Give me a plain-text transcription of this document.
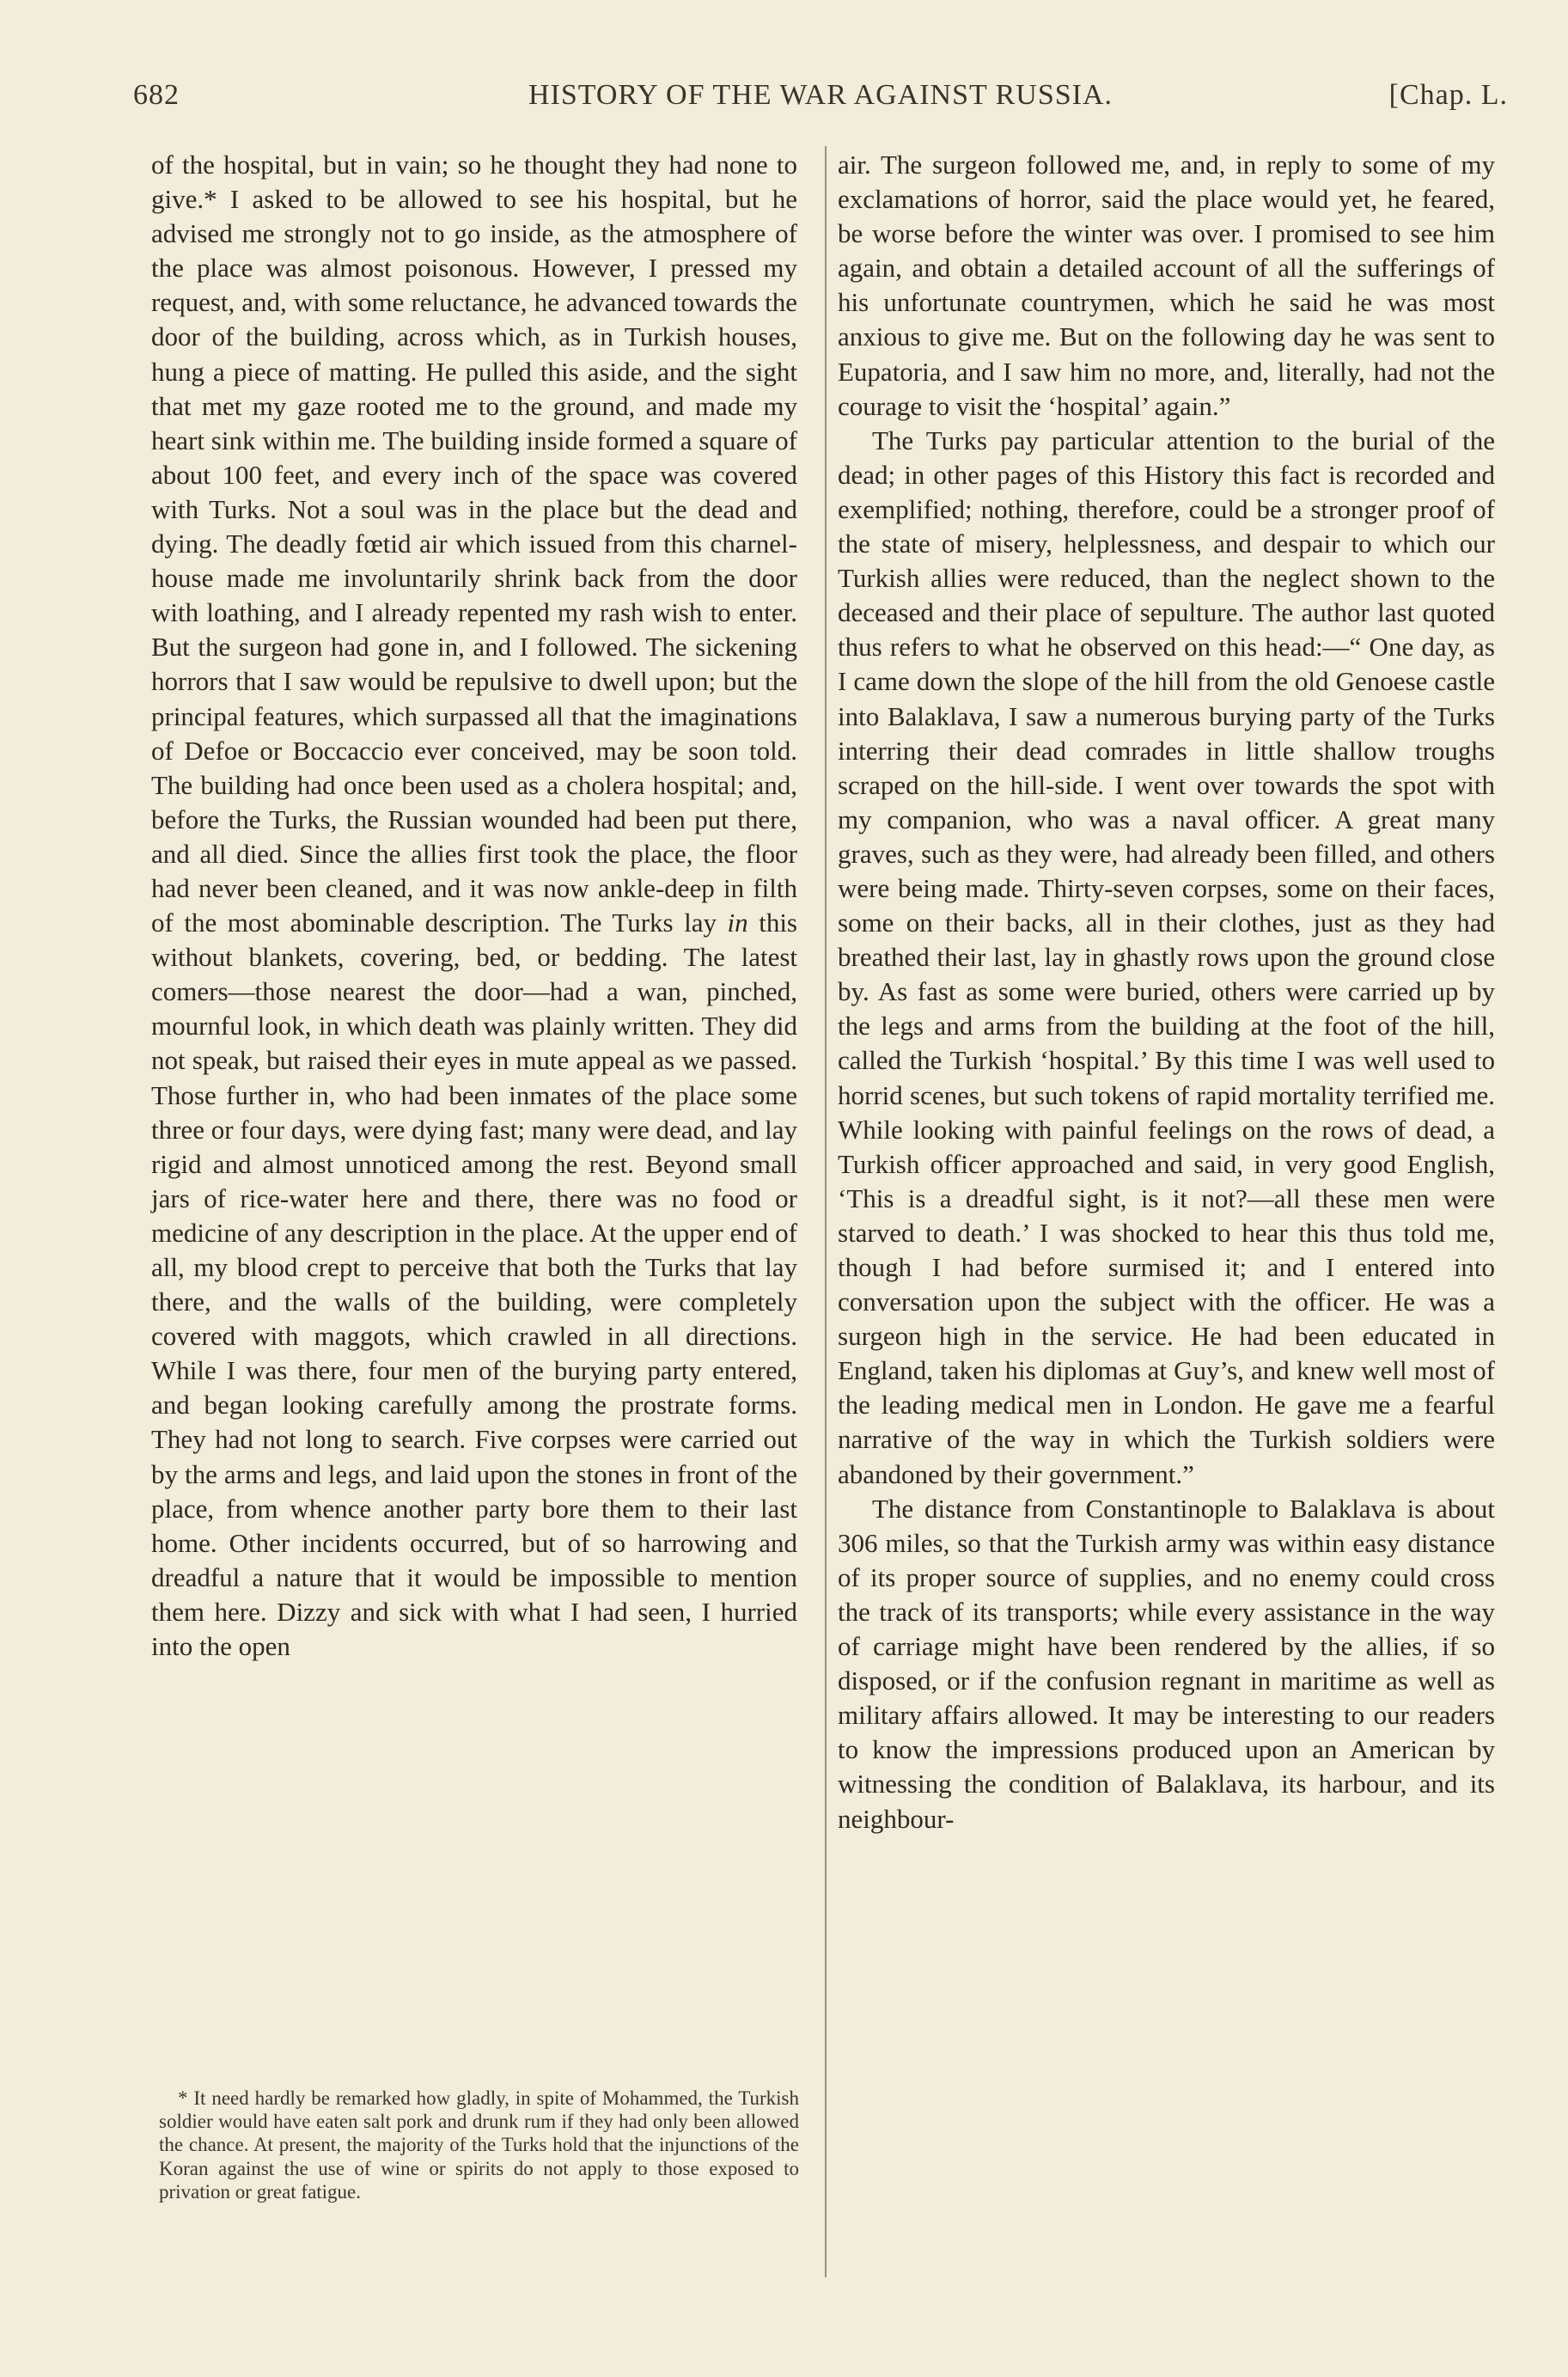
682	HISTORY OF THE WAR AGAINST RUSSIA.	[Chap. L.

of the hospital, but in vain; so he thought they had none to give.* I asked to be allowed to see his hospital, but he advised me strongly not to go inside, as the atmosphere of the place was almost poisonous. However, I pressed my request, and, with some reluctance, he advanced towards the door of the building, across which, as in Turkish houses, hung a piece of matting. He pulled this aside, and the sight that met my gaze rooted me to the ground, and made my heart sink within me. The building inside formed a square of about 100 feet, and every inch of the space was covered with Turks. Not a soul was in the place but the dead and dying. The deadly fœtid air which issued from this charnel-house made me involuntarily shrink back from the door with loathing, and I already repented my rash wish to enter. But the surgeon had gone in, and I followed. The sickening horrors that I saw would be repulsive to dwell upon; but the principal features, which surpassed all that the imaginations of Defoe or Boccaccio ever conceived, may be soon told. The building had once been used as a cholera hospital; and, before the Turks, the Russian wounded had been put there, and all died. Since the allies first took the place, the floor had never been cleaned, and it was now ankle-deep in filth of the most abominable description. The Turks lay in this without blankets, covering, bed, or bedding. The latest comers—those nearest the door—had a wan, pinched, mournful look, in which death was plainly written. They did not speak, but raised their eyes in mute appeal as we passed. Those further in, who had been inmates of the place some three or four days, were dying fast; many were dead, and lay rigid and almost unnoticed among the rest. Beyond small jars of rice-water here and there, there was no food or medicine of any description in the place. At the upper end of all, my blood crept to perceive that both the Turks that lay there, and the walls of the building, were completely covered with maggots, which crawled in all directions. While I was there, four men of the burying party entered, and began looking carefully among the prostrate forms. They had not long to search. Five corpses were carried out by the arms and legs, and laid upon the stones in front of the place, from whence another party bore them to their last home. Other incidents occurred, but of so harrowing and dreadful a nature that it would be impossible to mention them here. Dizzy and sick with what I had seen, I hurried into the open

air. The surgeon followed me, and, in reply to some of my exclamations of horror, said the place would yet, he feared, be worse before the winter was over. I promised to see him again, and obtain a detailed account of all the sufferings of his unfortunate countrymen, which he said he was most anxious to give me. But on the following day he was sent to Eupatoria, and I saw him no more, and, literally, had not the courage to visit the ‘hospital’ again.”

The Turks pay particular attention to the burial of the dead; in other pages of this History this fact is recorded and exemplified; nothing, therefore, could be a stronger proof of the state of misery, helplessness, and despair to which our Turkish allies were reduced, than the neglect shown to the deceased and their place of sepulture. The author last quoted thus refers to what he observed on this head:—“ One day, as I came down the slope of the hill from the old Genoese castle into Balaklava, I saw a numerous burying party of the Turks interring their dead comrades in little shallow troughs scraped on the hill-side. I went over towards the spot with my companion, who was a naval officer. A great many graves, such as they were, had already been filled, and others were being made. Thirty-seven corpses, some on their faces, some on their backs, all in their clothes, just as they had breathed their last, lay in ghastly rows upon the ground close by. As fast as some were buried, others were carried up by the legs and arms from the building at the foot of the hill, called the Turkish ‘hospital.’ By this time I was well used to horrid scenes, but such tokens of rapid mortality terrified me. While looking with painful feelings on the rows of dead, a Turkish officer approached and said, in very good English, ‘This is a dreadful sight, is it not?—all these men were starved to death.’ I was shocked to hear this thus told me, though I had before surmised it; and I entered into conversation upon the subject with the officer. He was a surgeon high in the service. He had been educated in England, taken his diplomas at Guy’s, and knew well most of the leading medical men in London. He gave me a fearful narrative of the way in which the Turkish soldiers were abandoned by their government.”

The distance from Constantinople to Balaklava is about 306 miles, so that the Turkish army was within easy distance of its proper source of supplies, and no enemy could cross the track of its transports; while every assistance in the way of carriage might have been rendered by the allies, if so disposed, or if the confusion regnant in maritime as well as military affairs allowed. It may be interesting to our readers to know the impressions produced upon an American by witnessing the condition of Balaklava, its harbour, and its neighbour-

* It need hardly be remarked how gladly, in spite of Mohammed, the Turkish soldier would have eaten salt pork and drunk rum if they had only been allowed the chance. At present, the majority of the Turks hold that the injunctions of the Koran against the use of wine or spirits do not apply to those exposed to privation or great fatigue.
